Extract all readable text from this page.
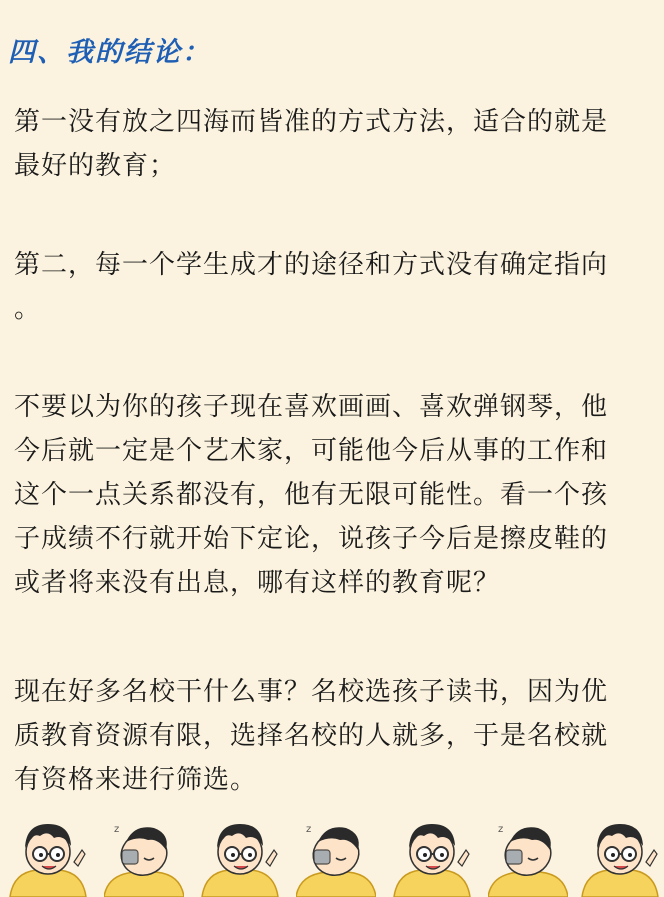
四、我的结论：
第一没有放之四海而皆准的方式方法，适合的就是
最好的教育；
第二，每一个学生成才的途径和方式没有确定指向
。
不要以为你的孩子现在喜欢画画、喜欢弹钢琴，他
今后就一定是个艺术家，可能他今后从事的工作和
这个一点关系都没有，他有无限可能性。看一个孩
子成绩不行就开始下定论，说孩子今后是擦皮鞋的
或者将来没有出息，哪有这样的教育呢？
现在好多名校干什么事？名校选孩子读书，因为优
质教育资源有限，选择名校的人就多，于是名校就
有资格来进行筛选。
z	z	z
